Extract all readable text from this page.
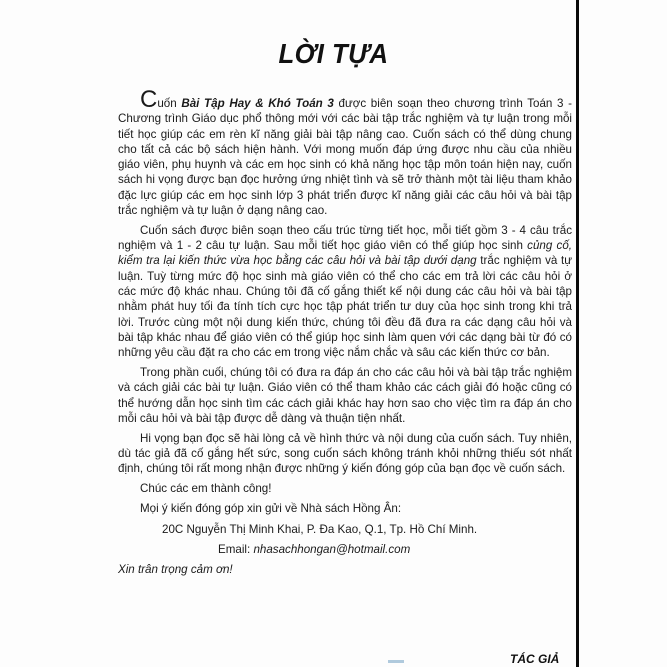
LỜI TỰA

Cuốn Bài Tập Hay & Khó Toán 3 được biên soạn theo chương trình Toán 3 - Chương trình Giáo dục phổ thông mới với các bài tập trắc nghiệm và tự luận trong mỗi tiết học giúp các em rèn kĩ năng giải bài tập nâng cao. Cuốn sách có thể dùng chung cho tất cả các bộ sách hiện hành. Với mong muốn đáp ứng được nhu cầu của nhiều giáo viên, phụ huynh và các em học sinh có khả năng học tập môn toán hiện nay, cuốn sách hi vọng được bạn đọc hưởng ứng nhiệt tình và sẽ trở thành một tài liệu tham khảo đặc lực giúp các em học sinh lớp 3 phát triển được kĩ năng giải các câu hỏi và bài tập trắc nghiệm và tự luận ở dạng nâng cao.

Cuốn sách được biên soạn theo cấu trúc từng tiết học, mỗi tiết gồm 3 - 4 câu trắc nghiệm và 1 - 2 câu tự luận. Sau mỗi tiết học giáo viên có thể giúp học sinh củng cố, kiểm tra lại kiến thức vừa học bằng các câu hỏi và bài tập dưới dạng trắc nghiệm và tự luận. Tuỳ từng mức độ học sinh mà giáo viên có thể cho các em trả lời các câu hỏi ở các mức độ khác nhau. Chúng tôi đã cố gắng thiết kế nội dung các câu hỏi và bài tập nhằm phát huy tối đa tính tích cực học tập phát triển tư duy của học sinh trong khi trả lời. Trước cùng một nội dung kiến thức, chúng tôi đều đã đưa ra các dạng câu hỏi và bài tập khác nhau để giáo viên có thể giúp học sinh làm quen với các dạng bài từ đó có những yêu cầu đặt ra cho các em trong việc nắm chắc và sâu các kiến thức cơ bản.

Trong phần cuối, chúng tôi có đưa ra đáp án cho các câu hỏi và bài tập trắc nghiệm và cách giải các bài tự luận. Giáo viên có thể tham khảo các cách giải đó hoặc cũng có thể hướng dẫn học sinh tìm các cách giải khác hay hơn sao cho việc tìm ra đáp án cho mỗi câu hỏi và bài tập được dễ dàng và thuận tiện nhất.

Hi vọng bạn đọc sẽ hài lòng cả về hình thức và nội dung của cuốn sách. Tuy nhiên, dù tác giả đã cố gắng hết sức, song cuốn sách không tránh khỏi những thiếu sót nhất định, chúng tôi rất mong nhận được những ý kiến đóng góp của bạn đọc về cuốn sách.

Chúc các em thành công!
Mọi ý kiến đóng góp xin gửi về Nhà sách Hồng Ân:
20C Nguyễn Thị Minh Khai, P. Đa Kao, Q.1, Tp. Hồ Chí Minh.
Email: nhasachhongan@hotmail.com
Xin trân trọng cảm ơn!
TÁC GIẢ
